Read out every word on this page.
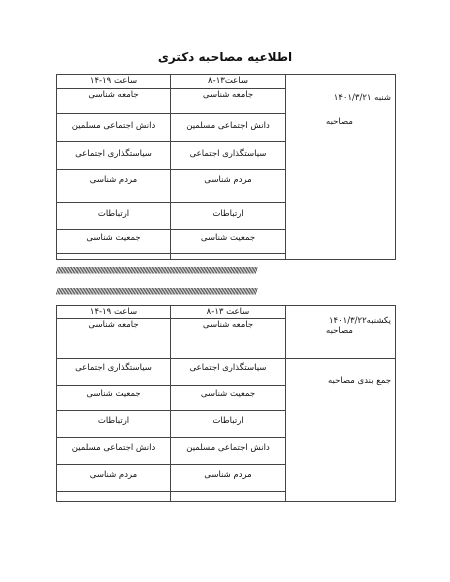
اطلاعیه مصاحبه دکتری
شنبه ۱۴۰۱/۳/۲۱
مصاحبه	ساعت۱۳-۸	ساعت ۱۹-۱۴
	جامعه شناسی	جامعه شناسی
	دانش اجتماعی مسلمین	دانش اجتماعی مسلمین
	سیاستگذاری اجتماعی	سیاستگذاری اجتماعی
	مردم شناسی	مردم شناسی
	ارتباطات	ارتباطات
	جمعیت شناسی	جمعیت شناسی

//////////////////////////////////////////////////////////////////////////////////////////////////////////////////////////////////////
//////////////////////////////////////////////////////////////////////////////////////////////////////////////////////////////////////
یکشنبه۱۴۰۱/۳/۲۲
مصاحبه	ساعت ۱۳-۸	ساعت ۱۹-۱۴
	جامعه شناسی	جامعه شناسی
جمع بندی مصاحبه	سیاستگذاری اجتماعی	سیاستگذاری اجتماعی
	جمعیت شناسی	جمعیت شناسی
	ارتباطات	ارتباطات
	دانش اجتماعی مسلمین	دانش اجتماعی مسلمین
	مردم شناسی	مردم شناسی
